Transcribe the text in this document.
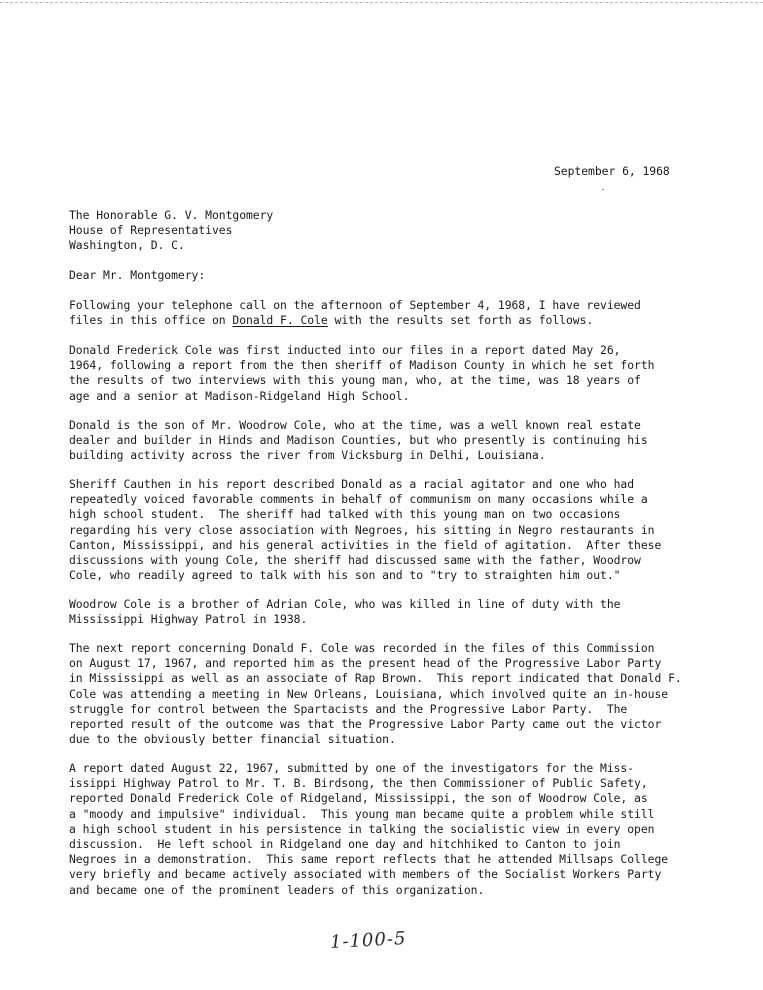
September 6, 1968
The Honorable G. V. Montgomery
House of Representatives
Washington, D. C.
Dear Mr. Montgomery:
Following your telephone call on the afternoon of September 4, 1968, I have reviewed
files in this office on Donald F. Cole with the results set forth as follows.
Donald Frederick Cole was first inducted into our files in a report dated May 26,
1964, following a report from the then sheriff of Madison County in which he set forth
the results of two interviews with this young man, who, at the time, was 18 years of
age and a senior at Madison-Ridgeland High School.
Donald is the son of Mr. Woodrow Cole, who at the time, was a well known real estate
dealer and builder in Hinds and Madison Counties, but who presently is continuing his
building activity across the river from Vicksburg in Delhi, Louisiana.
Sheriff Cauthen in his report described Donald as a racial agitator and one who had
repeatedly voiced favorable comments in behalf of communism on many occasions while a
high school student.  The sheriff had talked with this young man on two occasions
regarding his very close association with Negroes, his sitting in Negro restaurants in
Canton, Mississippi, and his general activities in the field of agitation.  After these
discussions with young Cole, the sheriff had discussed same with the father, Woodrow
Cole, who readily agreed to talk with his son and to "try to straighten him out."
Woodrow Cole is a brother of Adrian Cole, who was killed in line of duty with the
Mississippi Highway Patrol in 1938.
The next report concerning Donald F. Cole was recorded in the files of this Commission
on August 17, 1967, and reported him as the present head of the Progressive Labor Party
in Mississippi as well as an associate of Rap Brown.  This report indicated that Donald F.
Cole was attending a meeting in New Orleans, Louisiana, which involved quite an in-house
struggle for control between the Spartacists and the Progressive Labor Party.  The
reported result of the outcome was that the Progressive Labor Party came out the victor
due to the obviously better financial situation.
A report dated August 22, 1967, submitted by one of the investigators for the Miss-
issippi Highway Patrol to Mr. T. B. Birdsong, the then Commissioner of Public Safety,
reported Donald Frederick Cole of Ridgeland, Mississippi, the son of Woodrow Cole, as
a "moody and impulsive" individual.  This young man became quite a problem while still
a high school student in his persistence in talking the socialistic view in every open
discussion.  He left school in Ridgeland one day and hitchhiked to Canton to join
Negroes in a demonstration.  This same report reflects that he attended Millsaps College
very briefly and became actively associated with members of the Socialist Workers Party
and became one of the prominent leaders of this organization.
1-100-5
